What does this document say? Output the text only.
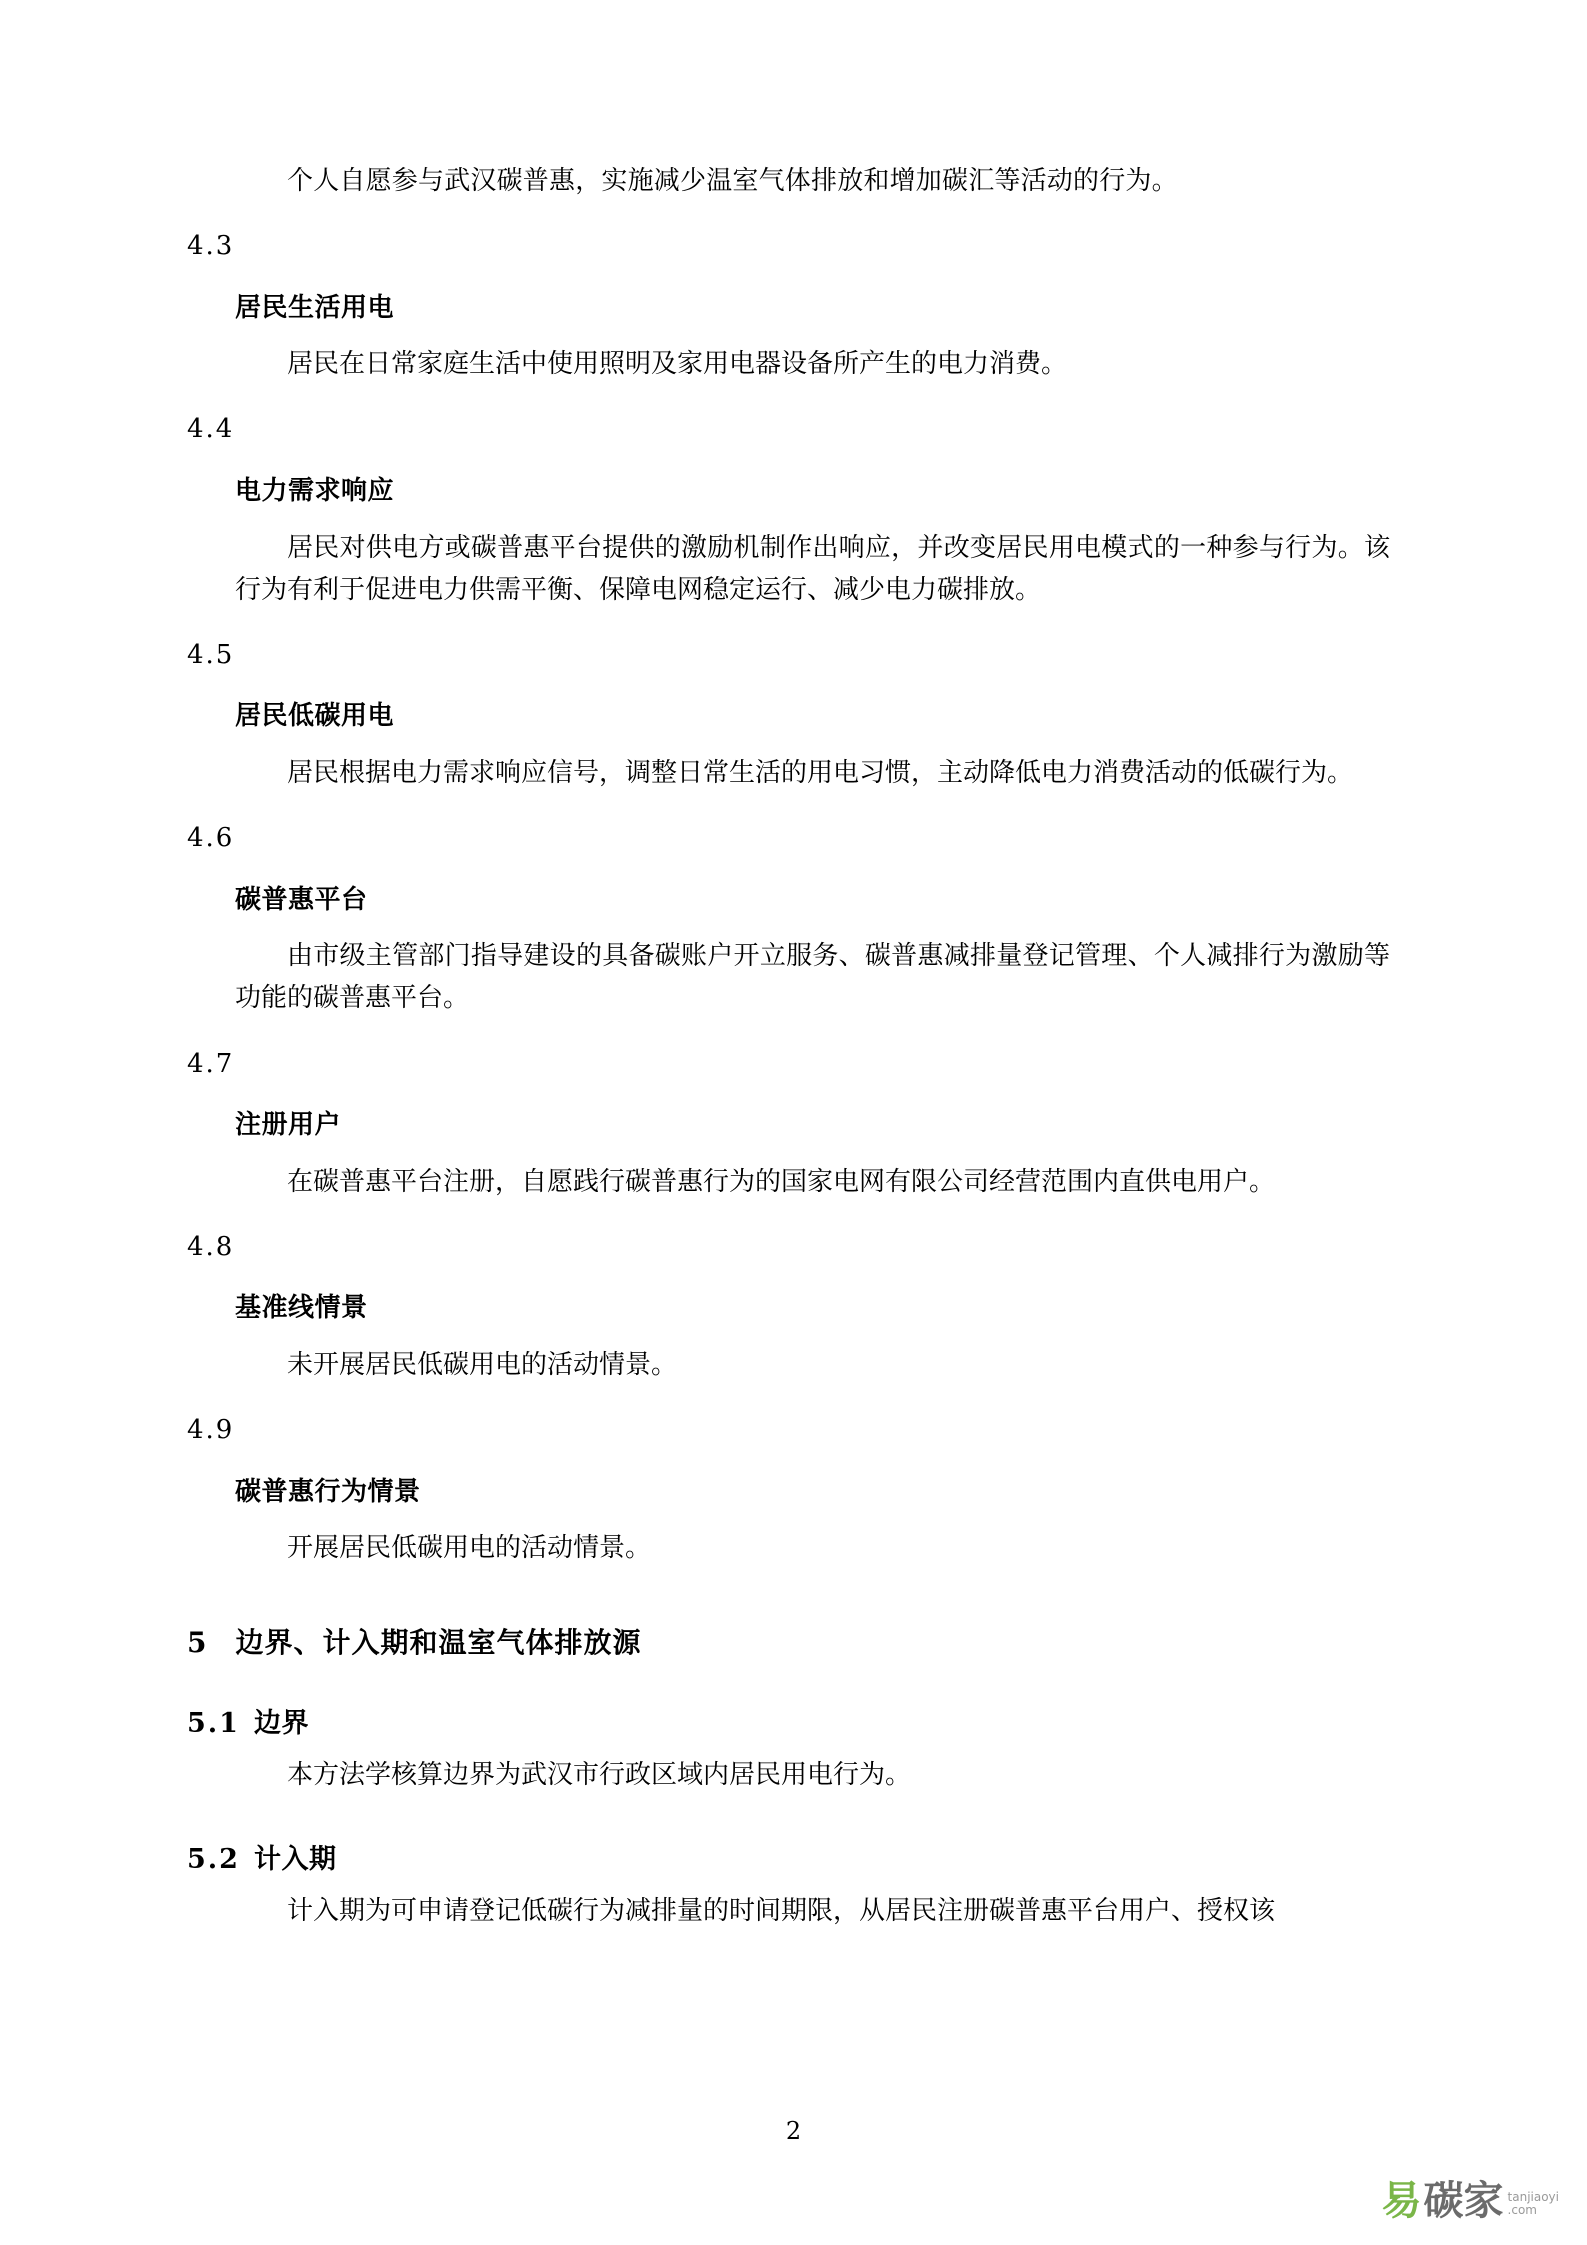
个人自愿参与武汉碳普惠，实施减少温室气体排放和增加碳汇等活动的行为。

4.3
居民生活用电

居民在日常家庭生活中使用照明及家用电器设备所产生的电力消费。

4.4
电力需求响应

居民对供电方或碳普惠平台提供的激励机制作出响应，并改变居民用电模式的一种参与行为。该行为有利于促进电力供需平衡、保障电网稳定运行、减少电力碳排放。

4.5
居民低碳用电

居民根据电力需求响应信号，调整日常生活的用电习惯，主动降低电力消费活动的低碳行为。

4.6
碳普惠平台

由市级主管部门指导建设的具备碳账户开立服务、碳普惠减排量登记管理、个人减排行为激励等功能的碳普惠平台。

4.7
注册用户

在碳普惠平台注册，自愿践行碳普惠行为的国家电网有限公司经营范围内直供电用户。

4.8
基准线情景

未开展居民低碳用电的活动情景。

4.9
碳普惠行为情景

开展居民低碳用电的活动情景。

5 边界、计入期和温室气体排放源
5.1 边界

本方法学核算边界为武汉市行政区域内居民用电行为。

5.2 计入期

计入期为可申请登记低碳行为减排量的时间期限，从居民注册碳普惠平台用户、授权该

2
易 碳 家 tanjiaoyi
.com
